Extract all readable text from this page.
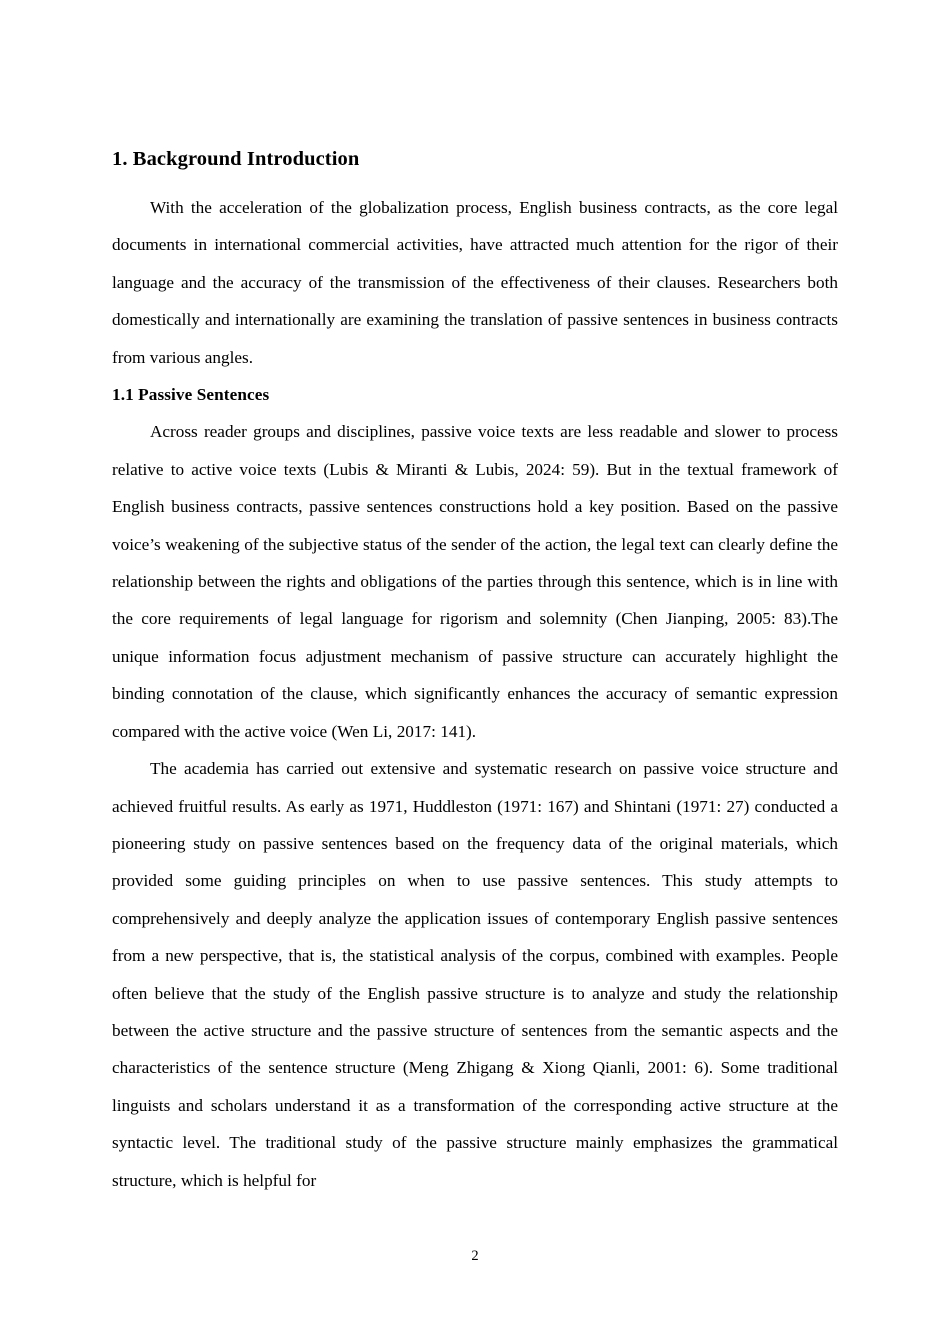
1. Background Introduction

With the acceleration of the globalization process, English business contracts, as the core legal documents in international commercial activities, have attracted much attention for the rigor of their language and the accuracy of the transmission of the effectiveness of their clauses. Researchers both domestically and internationally are examining the translation of passive sentences in business contracts from various angles.

1.1 Passive Sentences

Across reader groups and disciplines, passive voice texts are less readable and slower to process relative to active voice texts (Lubis & Miranti & Lubis, 2024: 59). But in the textual framework of English business contracts, passive sentences constructions hold a key position. Based on the passive voice’s weakening of the subjective status of the sender of the action, the legal text can clearly define the relationship between the rights and obligations of the parties through this sentence, which is in line with the core requirements of legal language for rigorism and solemnity (Chen Jianping, 2005: 83).The unique information focus adjustment mechanism of passive structure can accurately highlight the binding connotation of the clause, which significantly enhances the accuracy of semantic expression compared with the active voice (Wen Li, 2017: 141).

The academia has carried out extensive and systematic research on passive voice structure and achieved fruitful results. As early as 1971, Huddleston (1971: 167) and Shintani (1971: 27) conducted a pioneering study on passive sentences based on the frequency data of the original materials, which provided some guiding principles on when to use passive sentences. This study attempts to comprehensively and deeply analyze the application issues of contemporary English passive sentences from a new perspective, that is, the statistical analysis of the corpus, combined with examples. People often believe that the study of the English passive structure is to analyze and study the relationship between the active structure and the passive structure of sentences from the semantic aspects and the characteristics of the sentence structure (Meng Zhigang & Xiong Qianli, 2001: 6). Some traditional linguists and scholars understand it as a transformation of the corresponding active structure at the syntactic level. The traditional study of the passive structure mainly emphasizes the grammatical structure, which is helpful for

2
